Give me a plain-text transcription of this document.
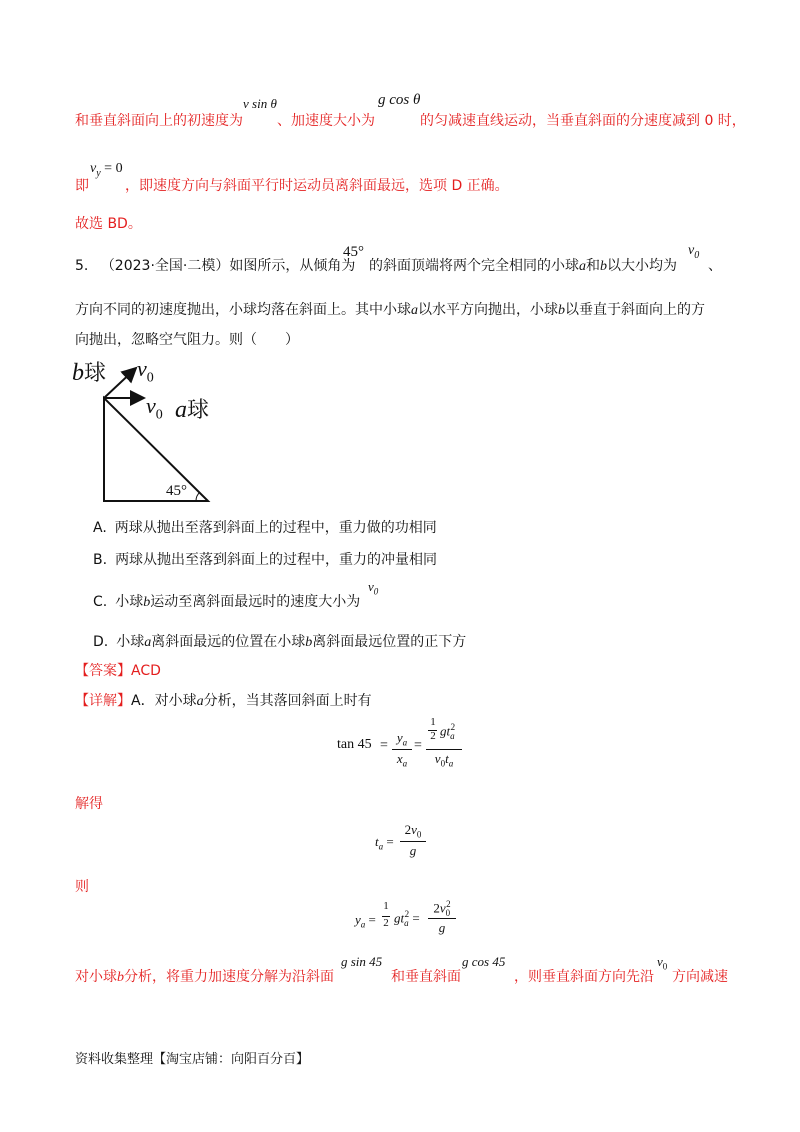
和垂直斜面向上的初速度为
v sin θ
、加速度大小为
g cos θ
的匀减速直线运动，当垂直斜面的分速度减到 0 时，
即
$v_y = 0$
，即速度方向与斜面平行时运动员离斜面最远，选项 D 正确。
故选 BD。
5. （2023·全国·二模）如图所示，从倾角为
45°
的斜面顶端将两个完全相同的小球a和b以大小均为
$v_0$
、
方向不同的初速度抛出，小球均落在斜面上。其中小球a以水平方向抛出，小球b以垂直于斜面向上的方
向抛出，忽略空气阻力。则（　　）
b球 $v_0$
$v_0$ a球
45°
A. 两球从抛出至落到斜面上的过程中，重力做的功相同
B. 两球从抛出至落到斜面上的过程中，重力的冲量相同
C. 小球b运动至离斜面最远时的速度大小为
$v_0$
D. 小球a离斜面最远的位置在小球b离斜面最远位置的正下方
【答案】ACD
【详解】A．对小球a分析，当其落回斜面上时有
tan 45 =
$y_a$
$x_a$
=
1
2 $gt_a^2$
$v_0t_a$
解得
$t_a$ =
$2v_0$
g
则
$y_a$ =
1
2 $gt_a^2$ =
$2v_0^2$
g
对小球b分析，将重力加速度分解为沿斜面
g sin 45
和垂直斜面
g cos 45
，则垂直斜面方向先沿
$v_0$
方向减速
资料收集整理【淘宝店铺：向阳百分百】
